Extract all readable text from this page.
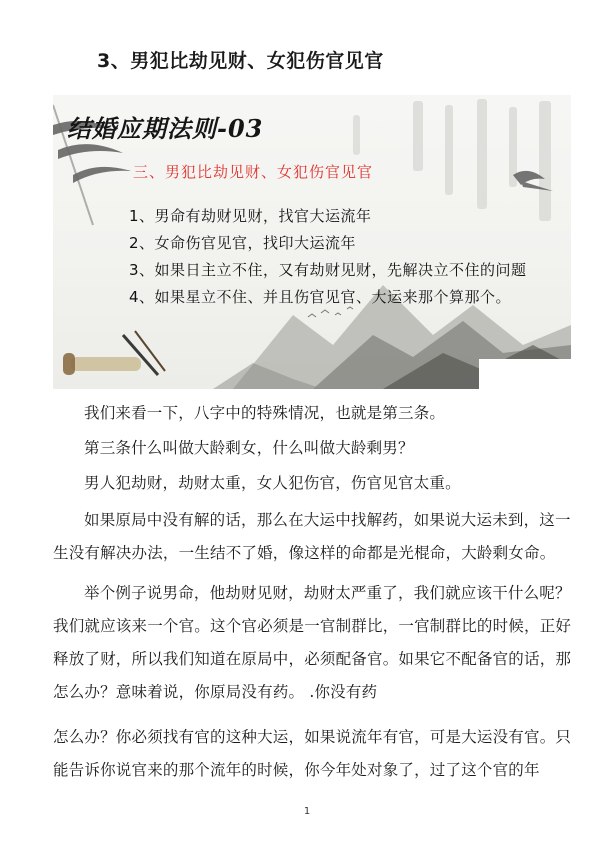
3、男犯比劫见财、女犯伤官见官
结婚应期法则-03
三、男犯比劫见财、女犯伤官见官
1、男命有劫财见财，找官大运流年
2、女命伤官见官，找印大运流年
3、如果日主立不住，又有劫财见财，先解决立不住的问题
4、如果星立不住、并且伤官见官、大运来那个算那个。

我们来看一下，八字中的特殊情况，也就是第三条。

第三条什么叫做大龄剩女，什么叫做大龄剩男？

男人犯劫财，劫财太重，女人犯伤官，伤官见官太重。

如果原局中没有解的话，那么在大运中找解药，如果说大运未到，这一生没有解决办法，一生结不了婚，像这样的命都是光棍命，大龄剩女命。

举个例子说男命，他劫财见财，劫财太严重了，我们就应该干什么呢？我们就应该来一个官。这个官必须是一官制群比，一官制群比的时候，正好释放了财，所以我们知道在原局中，必须配备官。如果它不配备官的话，那怎么办？意味着说，你原局没有药。 .你没有药

怎么办？你必须找有官的这种大运，如果说流年有官，可是大运没有官。只能告诉你说官来的那个流年的时候，你今年处对象了，过了这个官的年

1
